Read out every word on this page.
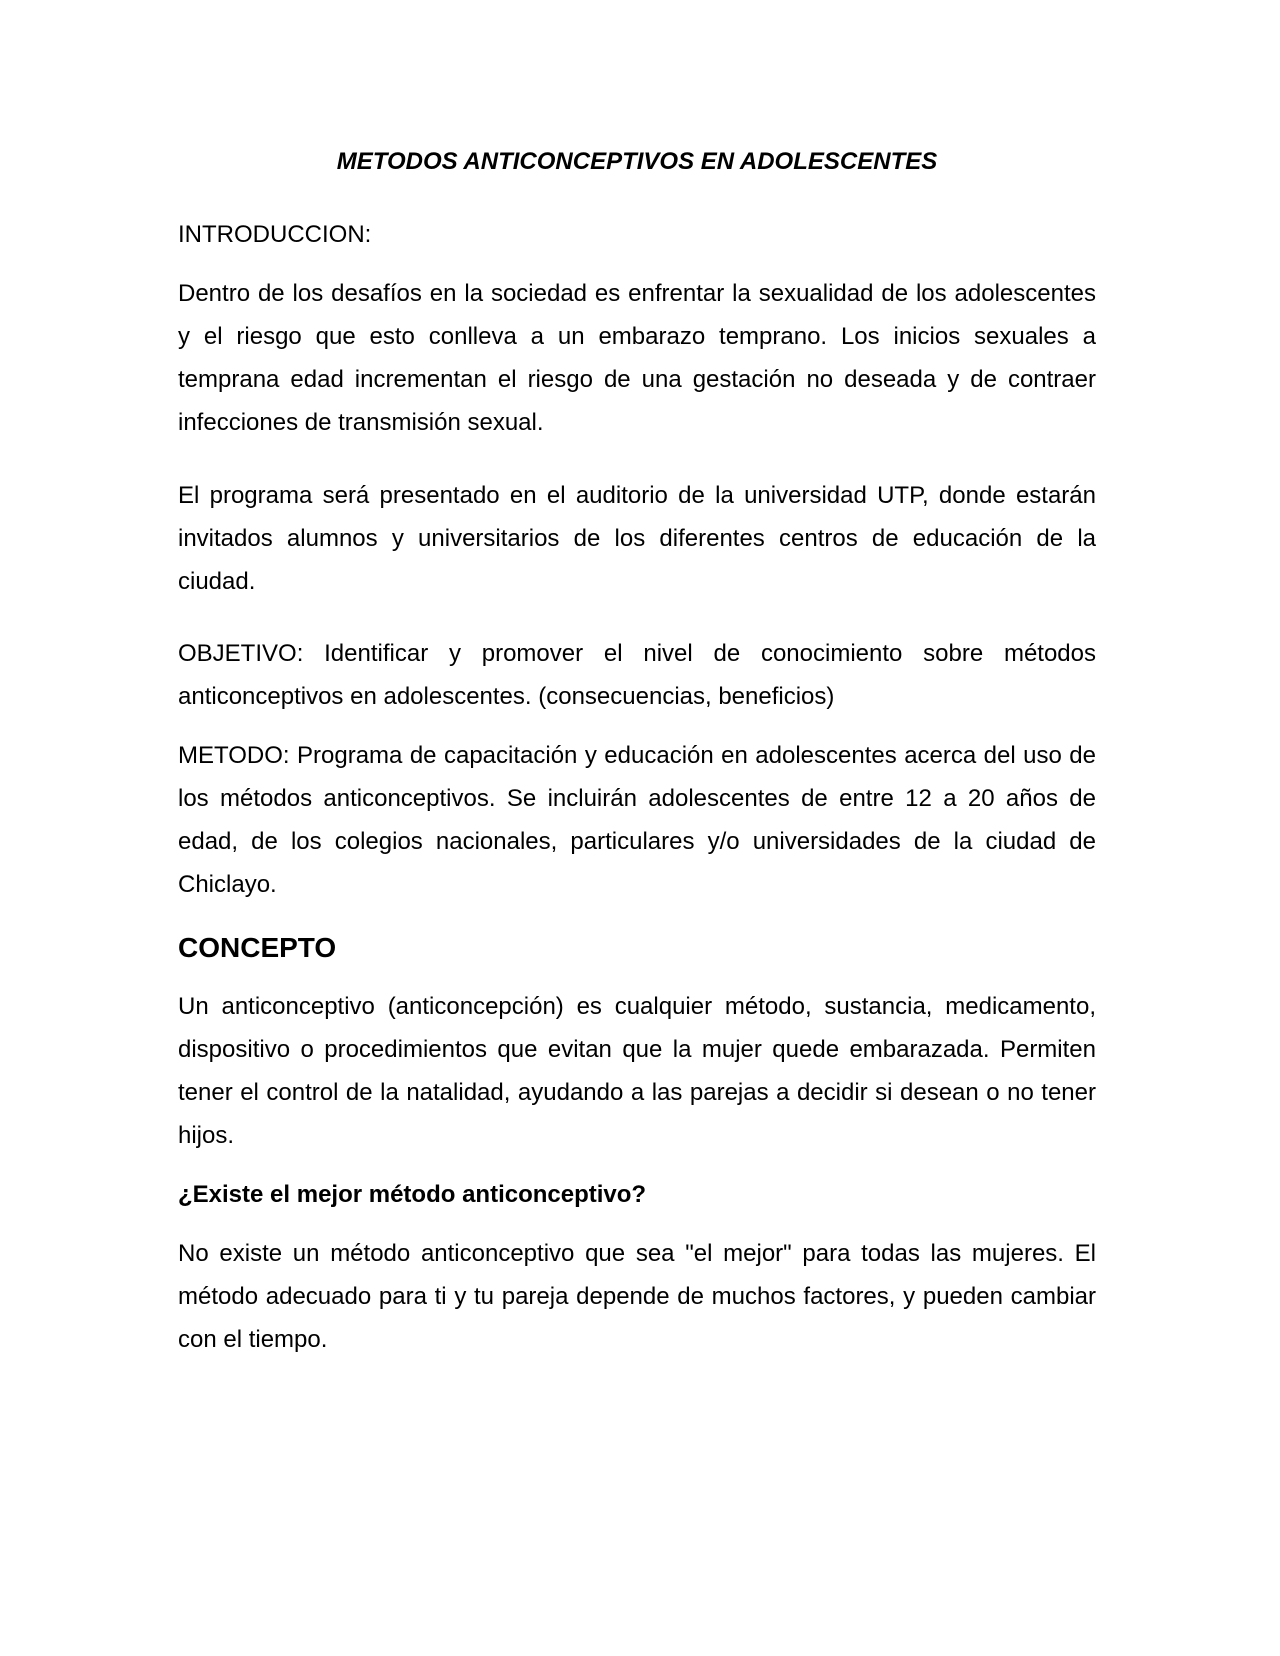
METODOS ANTICONCEPTIVOS EN ADOLESCENTES

INTRODUCCION:

Dentro de los desafíos en la sociedad es enfrentar la sexualidad de los adolescentes y el riesgo que esto conlleva a un embarazo temprano. Los inicios sexuales a temprana edad incrementan el riesgo de una gestación no deseada y de contraer infecciones de transmisión sexual.

El programa será presentado en el auditorio de la universidad UTP, donde estarán invitados alumnos y universitarios de los diferentes centros de educación de la ciudad.

OBJETIVO: Identificar y promover el nivel de conocimiento sobre métodos anticonceptivos en adolescentes. (consecuencias, beneficios)

METODO: Programa de capacitación y educación en adolescentes acerca del uso de los métodos anticonceptivos. Se incluirán adolescentes de entre 12 a 20 años de edad, de los colegios nacionales, particulares y/o universidades de la ciudad de Chiclayo.

CONCEPTO

Un anticonceptivo (anticoncepción) es cualquier método, sustancia, medicamento, dispositivo o procedimientos que evitan que la mujer quede embarazada. Permiten tener el control de la natalidad, ayudando a las parejas a decidir si desean o no tener hijos.

¿Existe el mejor método anticonceptivo?

No existe un método anticonceptivo que sea "el mejor" para todas las mujeres. El método adecuado para ti y tu pareja depende de muchos factores, y pueden cambiar con el tiempo.
